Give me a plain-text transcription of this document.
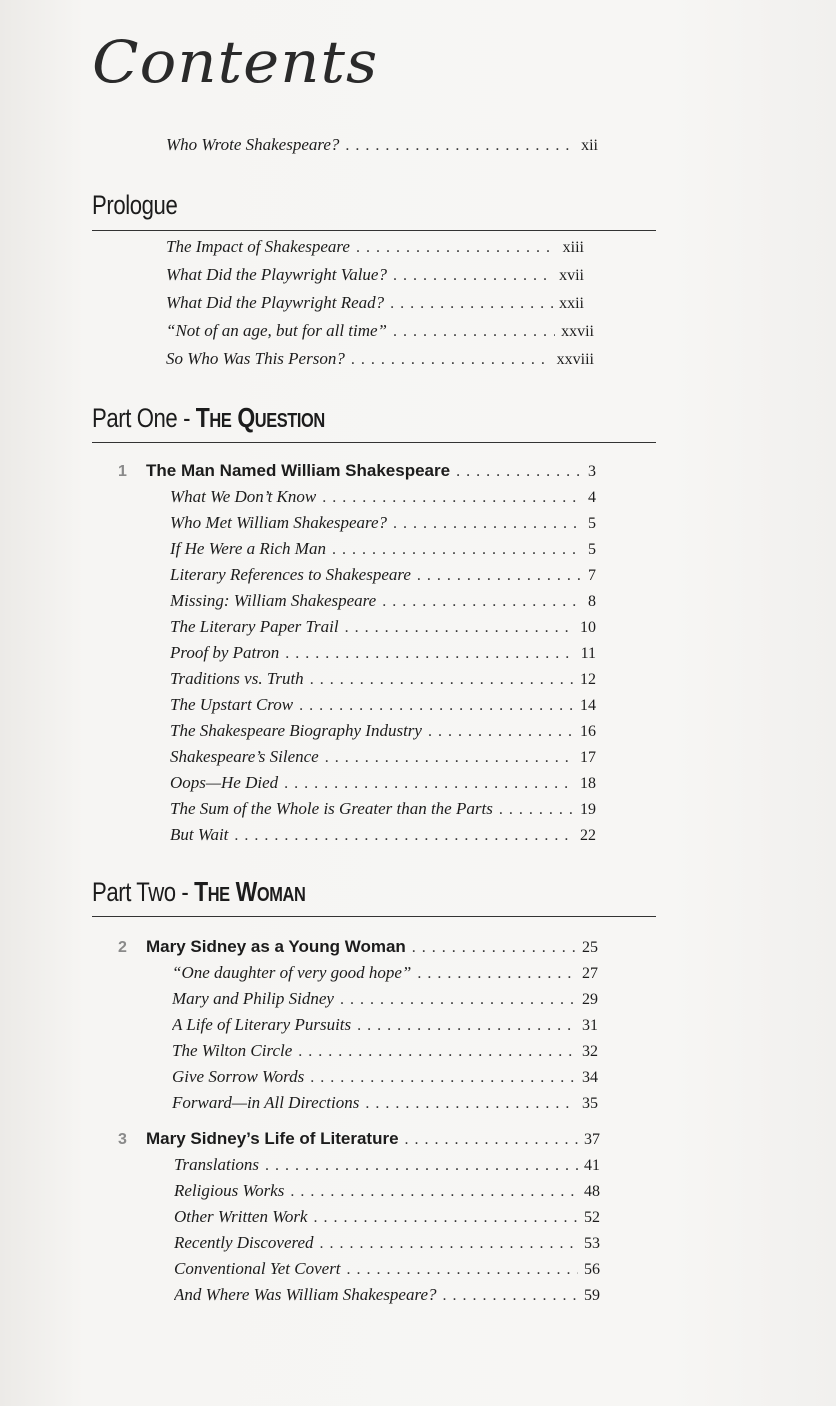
Contents
Who Wrote Shakespeare? . . .	xii
Prologue
The Impact of Shakespeare . . .	xiii
What Did the Playwright Value? . . .	xvii
What Did the Playwright Read? . . .	xxii
“Not of an age, but for all time” . . .	xxvii
So Who Was This Person? . . .	xxviii
Part One - The Question
1	The Man Named William Shakespeare . . .	3
What We Don’t Know . . .	4
Who Met William Shakespeare? . . .	5
If He Were a Rich Man . . .	5
Literary References to Shakespeare . . .	7
Missing: William Shakespeare . . .	8
The Literary Paper Trail . . .	10
Proof by Patron . . .	11
Traditions vs. Truth . . .	12
The Upstart Crow . . .	14
The Shakespeare Biography Industry . . .	16
Shakespeare’s Silence . . .	17
Oops—He Died . . .	18
The Sum of the Whole is Greater than the Parts . . .	19
But Wait . . .	22
Part Two - The Woman
2	Mary Sidney as a Young Woman . . .	25
“One daughter of very good hope” . . .	27
Mary and Philip Sidney . . .	29
A Life of Literary Pursuits . . .	31
The Wilton Circle . . .	32
Give Sorrow Words . . .	34
Forward—in All Directions . . .	35
3	Mary Sidney’s Life of Literature . . .	37
Translations . . .	41
Religious Works . . .	48
Other Written Work . . .	52
Recently Discovered . . .	53
Conventional Yet Covert . . .	56
And Where Was William Shakespeare? . . .	59
